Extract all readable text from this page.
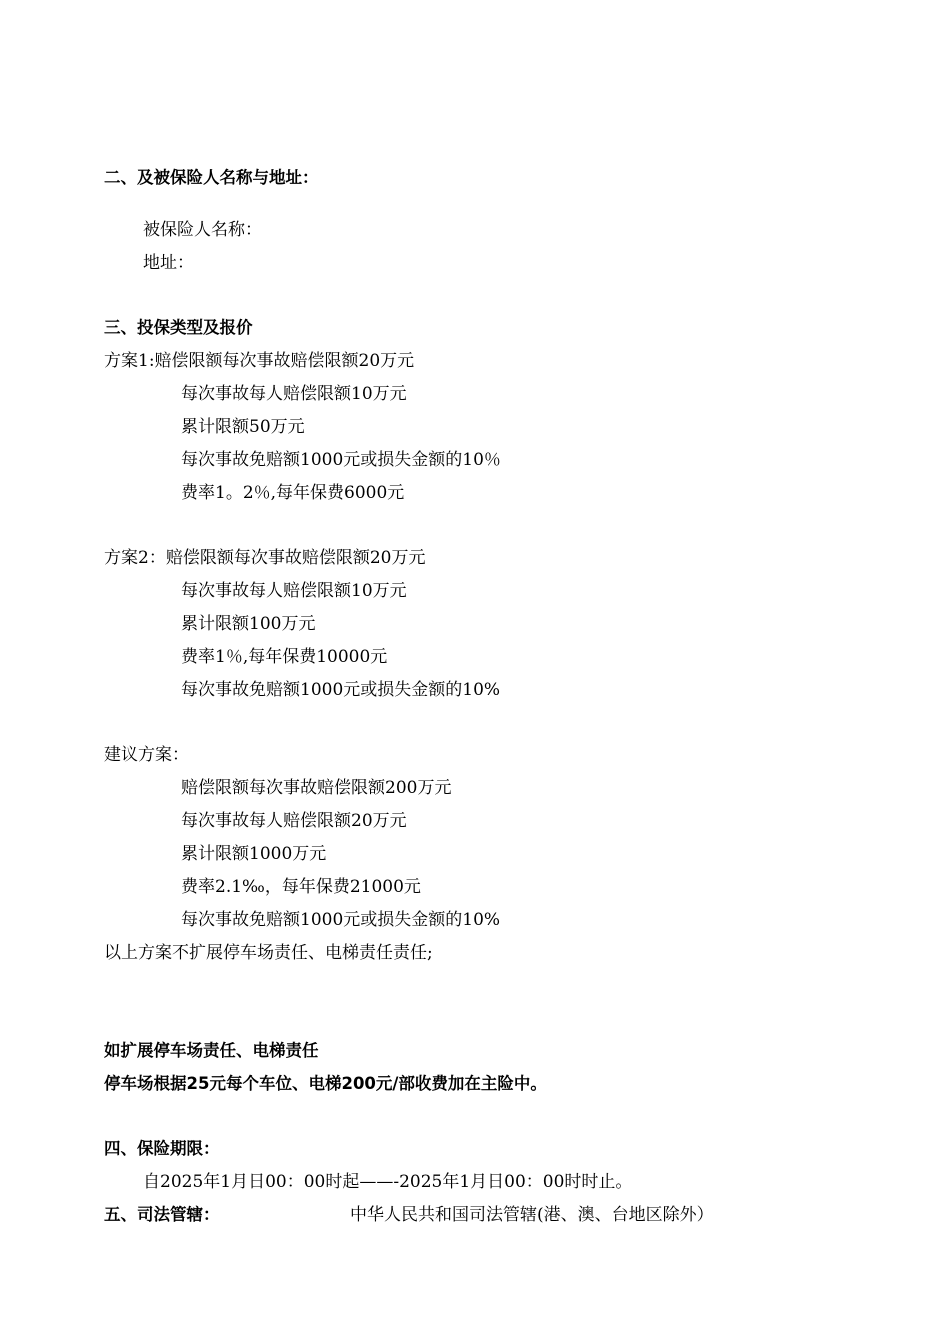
二、及被保险人名称与地址：
被保险人名称：
地址：
三、投保类型及报价
方案1:赔偿限额每次事故赔偿限额20万元
每次事故每人赔偿限额10万元
累计限额50万元
每次事故免赔额1000元或损失金额的10％
费率1。2％,每年保费6000元
方案2：赔偿限额每次事故赔偿限额20万元
每次事故每人赔偿限额10万元
累计限额100万元
费率1％,每年保费10000元
每次事故免赔额1000元或损失金额的10%
建议方案：
赔偿限额每次事故赔偿限额200万元
每次事故每人赔偿限额20万元
累计限额1000万元
费率2.1‰，每年保费21000元
每次事故免赔额1000元或损失金额的10%
以上方案不扩展停车场责任、电梯责任责任;
如扩展停车场责任、电梯责任
停车场根据25元每个车位、电梯200元/部收费加在主险中。
四、保险期限：
自2025年1月日00：00时起——-2025年1月日00：00时时止。
五、司法管辖：	中华人民共和国司法管辖(港、澳、台地区除外）
